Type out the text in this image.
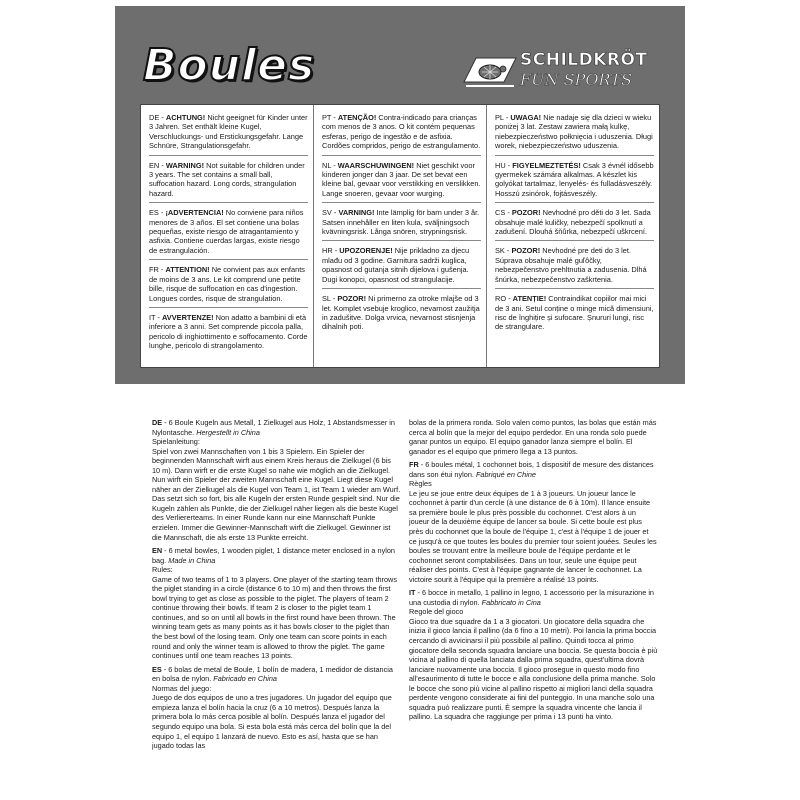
Boules	SCHILDKRÖT
FUN SPORTS
DE - ACHTUNG! Nicht geeignet für Kinder unter 3 Jahren. Set enthält kleine Kugel, Verschluckungs- und Erstickungsgefahr. Lange Schnüre, Strangulationsgefahr.
EN - WARNING! Not suitable for children under 3 years. The set contains a small ball, suffocation hazard. Long cords, strangulation hazard.
ES - ¡ADVERTENCIA! No conviene para niños menores de 3 años. El set contiene una bolas pequeñas, existe riesgo de atragantamiento y asfixia. Contiene cuerdas largas, existe riesgo de estrangulación.
FR - ATTENTION! Ne convient pas aux enfants de moins de 3 ans. Le kit comprend une petite bille, risque de suffocation en cas d'ingestion. Longues cordes, risque de strangulation.
IT - AVVERTENZE! Non adatto a bambini di età inferiore a 3 anni. Set comprende piccola palla, pericolo di inghiottimento e soffocamento. Corde lunghe, pericolo di strangolamento.
PT - ATENÇÃO! Contra-indicado para crianças com menos de 3 anos. O kit contém pequenas esferas, perigo de ingestão e de asfixia. Cordões compridos, perigo de estrangulamento.
NL - WAARSCHUWINGEN! Niet geschikt voor kinderen jonger dan 3 jaar. De set bevat een kleine bal, gevaar voor verstikking en verslikken. Lange snoeren, gevaar voor wurging.
SV - VARNING! Inte lämplig för barn under 3 år. Satsen innehåller en liten kula, sväljningsoch kvävningsrisk. Långa snören, strypningsrisk.
HR - UPOZORENJE! Nije prikladno za djecu mlađu od 3 godine. Garnitura sadrži kuglica, opasnost od gutanja sitnih dijelova i gušenja. Dugi konopci, opasnost od strangulacije.
SL - POZOR! Ni primerno za otroke mlajše od 3 let. Komplet vsebuje kroglico, nevarnost zaužitja in zadušitve. Dolga vrvica, nevarnost stisnjenja dihalnih poti.
PL - UWAGA! Nie nadaje się dla dzieci w wieku poniżej 3 lat. Zestaw zawiera małą kulkę, niebezpieczeństwo połknięcia i uduszenia. Długi worek, niebezpieczeństwo uduszenia.
HU - FIGYELMEZTETÉS! Csak 3 évnél idősebb gyermekek számára alkalmas. A készlet kis golyókat tartalmaz, lenyelés- és fulladásveszély. Hosszú zsinórok, fojtásveszély.
CS - POZOR! Nevhodné pro děti do 3 let. Sada obsahuje malé kuličky, nebezpečí spolknutí a zadušení. Dlouhá šňůrka, nebezpečí uškrcení.
SK - POZOR! Nevhodné pre deti do 3 let. Súprava obsahuje malé guľôčky, nebezpečenstvo prehltnutia a zadusenia. Dlhá šnúrka, nebezpečenstvo zaškrtenia.
RO - ATENȚIE! Contraindikat copiilor mai mici de 3 ani. Setul conține o minge mică dimensiuni, risc de înghițire și sufocare. Șnururi lungi, risc de strangulare.

DE - 6 Boule Kugeln aus Metall, 1 Zielkugel aus Holz, 1 Abstandsmesser in Nylontasche. Hergestellt in China

Spielanleitung:

Spiel von zwei Mannschaften von 1 bis 3 Spielern. Ein Spieler der beginnenden Mannschaft wirft aus einem Kreis heraus die Zielkugel (6 bis 10 m). Dann wirft er die erste Kugel so nahe wie möglich an die Zielkugel. Nun wirft ein Spieler der zweiten Mannschaft eine Kugel. Liegt diese Kugel näher an der Zielkugel als die Kugel von Team 1, ist Team 1 wieder am Wurf. Das setzt sich so fort, bis alle Kugeln der ersten Runde gespielt sind. Nur die Kugeln zählen als Punkte, die der Zielkugel näher liegen als die beste Kugel des Verliererteams. In einer Runde kann nur eine Mannschaft Punkte erzielen. Immer die Gewinner-Mannschaft wirft die Zielkugel. Gewinner ist die Mannschaft, die als erste 13 Punkte erreicht.

EN - 6 metal bowles, 1 wooden piglet, 1 distance meter enclosed in a nylon bag. Made in China

Rules:

Game of two teams of 1 to 3 players. One player of the starting team throws the piglet standing in a circle (distance 6 to 10 m) and then throws the first bowl trying to get as close as possible to the piglet. The players of team 2 continue throwing their bowls. If team 2 is closer to the piglet team 1 continues, and so on until all bowls in the first round have been thrown. The winning team gets as many points as it has bowls closer to the piglet than the best bowl of the losing team. Only one team can score points in each round and only the winner team is allowed to throw the piglet. The game continues until one team reaches 13 points.

ES - 6 bolas de metal de Boule, 1 bolín de madera, 1 medidor de distancia en bolsa de nylon. Fabricado en China

Normas del juego:

Juego de dos equipos de uno a tres jugadores. Un jugador del equipo que empieza lanza el bolín hacia la cruz (6 a 10 metros). Después lanza la primera bola lo más cerca posible al bolín. Después lanza el jugador del segundo equipo una bola. Si esta bola está más cerca del bolín que la del equipo 1, el equipo 1 lanzará de nuevo. Esto es así, hasta que se han jugado todas las

bolas de la primera ronda. Solo valen como puntos, las bolas que están más cerca al bolín que la mejor del equipo perdedor. En una ronda solo puede ganar puntos un equipo. El equipo ganador lanza siempre el bolín. El ganador es el equipo que primero llega a 13 puntos.

FR - 6 boules métal, 1 cochonnet bois, 1 dispositif de mesure des distances dans son étui nylon. Fabriqué en Chine

Règles

Le jeu se joue entre deux équipes de 1 à 3 joueurs. Un joueur lance le cochonnet à partir d'un cercle (à une distance de 6 à 10m). Il lance ensuite sa première boule le plus près possible du cochonnet. C'est alors à un joueur de la deuxième équipe de lancer sa boule. Si cette boule est plus près du cochonnet que la boule de l'équipe 1, c'est à l'équipe 1 de jouer et ce jusqu'à ce que toutes les boules du premier tour soient jouées. Seules les boules se trouvant entre la meilleure boule de l'équipe perdante et le cochonnet seront comptabilisées. Dans un tour, seule une équipe peut réaliser des points. C'est à l'équipe gagnante de lancer le cochonnet. La victoire sourit à l'équipe qui la première a réalisé 13 points.

IT - 6 bocce in metallo, 1 pallino in legno, 1 accessorio per la misurazione in una custodia di nylon. Fabbricato in Cina

Regole del gioco

Gioco tra due squadre da 1 a 3 giocatori. Un giocatore della squadra che inizia il gioco lancia il pallino (da 6 fino a 10 metri). Poi lancia la prima boccia cercando di avvicinarsi il più possibile al pallino. Quindi tocca al primo giocatore della seconda squadra lanciare una boccia. Se questa boccia è più vicina al pallino di quella lanciata dalla prima squadra, quest'ultima dovrà lanciare nuovamente una boccia. Il gioco prosegue in questo modo fino all'esaurimento di tutte le bocce e alla conclusione della prima manche. Solo le bocce che sono più vicine al pallino rispetto ai migliori lanci della squadra perdente vengono considerate ai fini del punteggio. In una manche solo una squadra può realizzare punti. È sempre la squadra vincente che lancia il pallino. La squadra che raggiunge per prima i 13 punti ha vinto.
